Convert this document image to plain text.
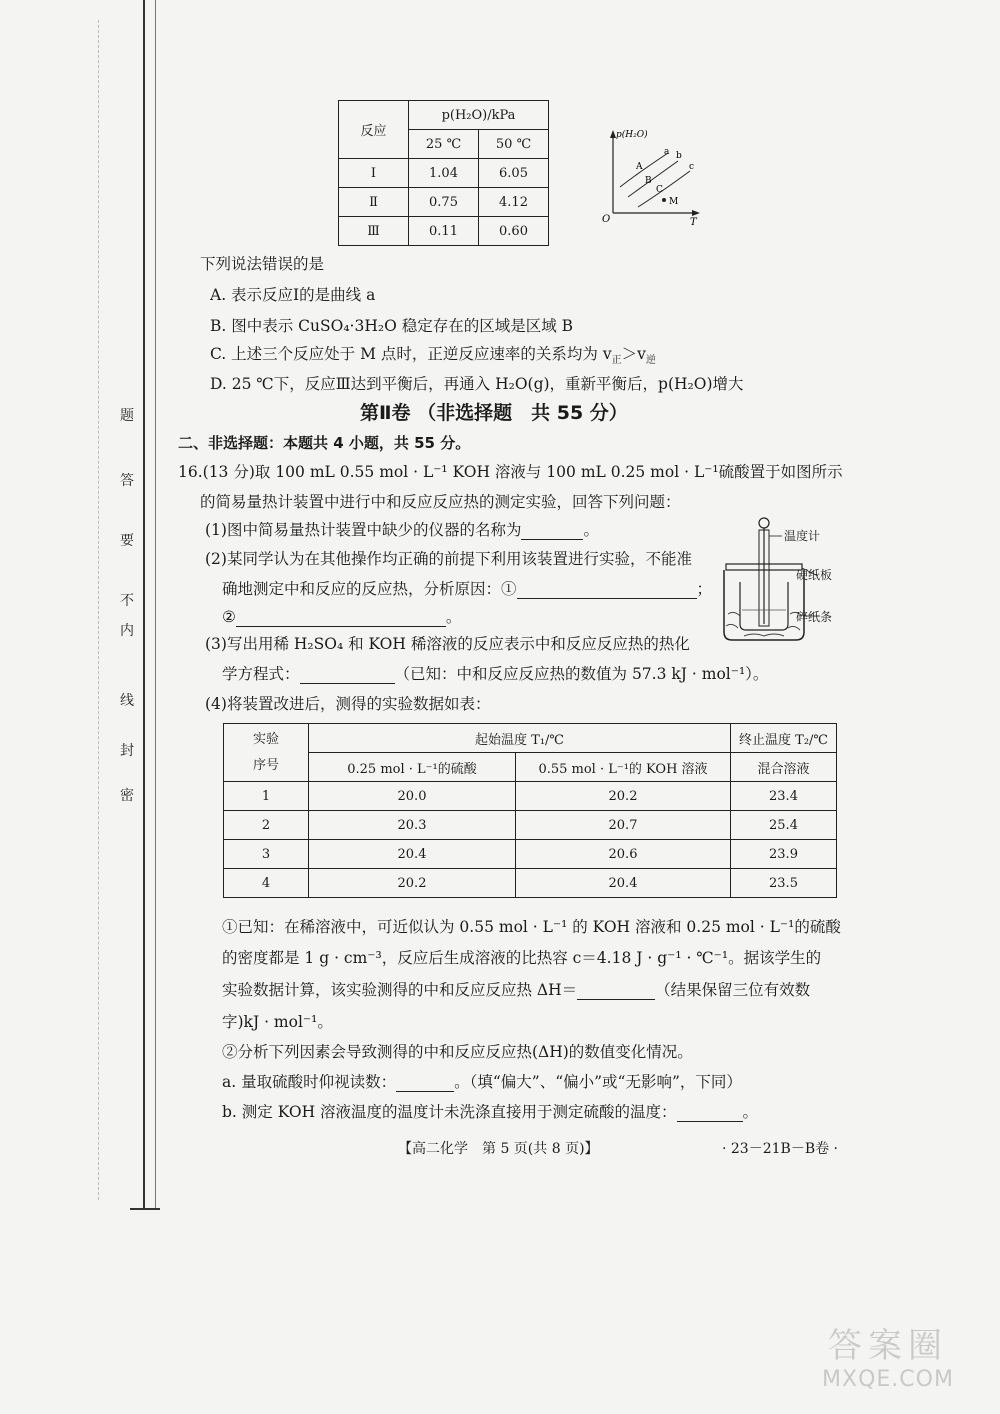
题
答
要
不
内
线
封
密
反应	p(H₂O)/kPa	
	25 ℃	50 ℃
Ⅰ	1.04	6.05
Ⅱ	0.75	4.12
Ⅲ	0.11	0.60
p(H₂O)
O	T
a b
c
A
B
C
M
下列说法错误的是
A. 表示反应Ⅰ的是曲线 a
B. 图中表示 CuSO₄·3H₂O 稳定存在的区域是区域 B
C. 上述三个反应处于 M 点时，正逆反应速率的关系均为 $v_正>v_逆$
D. 25 ℃下，反应Ⅲ达到平衡后，再通入 H₂O(g)，重新平衡后，p(H₂O)增大
第Ⅱ卷 （非选择题　共 55 分）
二、非选择题：本题共 4 小题，共 55 分。
16.(13 分)取 100 mL 0.55 mol · L⁻¹ KOH 溶液与 100 mL 0.25 mol · L⁻¹硫酸置于如图所示
的简易量热计装置中进行中和反应反应热的测定实验，回答下列问题：
(1)图中简易量热计装置中缺少的仪器的名称为	。
(2)某同学认为在其他操作均正确的前提下利用该装置进行实验，不能准
确地测定中和反应的反应热，分析原因：①	；
②	。
(3)写出用稀 H₂SO₄ 和 KOH 稀溶液的反应表示中和反应反应热的热化
学方程式：	（已知：中和反应反应热的数值为 57.3 kJ · mol⁻¹）。
(4)将装置改进后，测得的实验数据如表：
温度计
硬纸板
碎纸条
实验
序号	起始温度 T₁/℃		终止温度 T₂/℃
	0.25 mol · L⁻¹的硫酸	0.55 mol · L⁻¹的 KOH 溶液	混合溶液
1	20.0	20.2	23.4
2	20.3	20.7	25.4
3	20.4	20.6	23.9
4	20.2	20.4	23.5
①已知：在稀溶液中，可近似认为 0.55 mol · L⁻¹ 的 KOH 溶液和 0.25 mol · L⁻¹的硫酸
的密度都是 1 g · cm⁻³，反应后生成溶液的比热容 c＝4.18 J · g⁻¹ · ℃⁻¹。据该学生的
实验数据计算，该实验测得的中和反应反应热 ΔH＝	（结果保留三位有效数
字)kJ · mol⁻¹。
②分析下列因素会导致测得的中和反应反应热(ΔH)的数值变化情况。
a. 量取硫酸时仰视读数：	。（填“偏大”、“偏小”或“无影响”，下同）
b. 测定 KOH 溶液温度的温度计未洗涤直接用于测定硫酸的温度：	。
【高二化学　第 5 页(共 8 页)】	· 23－21B－B卷 ·
答案圈
MXQE.COM
